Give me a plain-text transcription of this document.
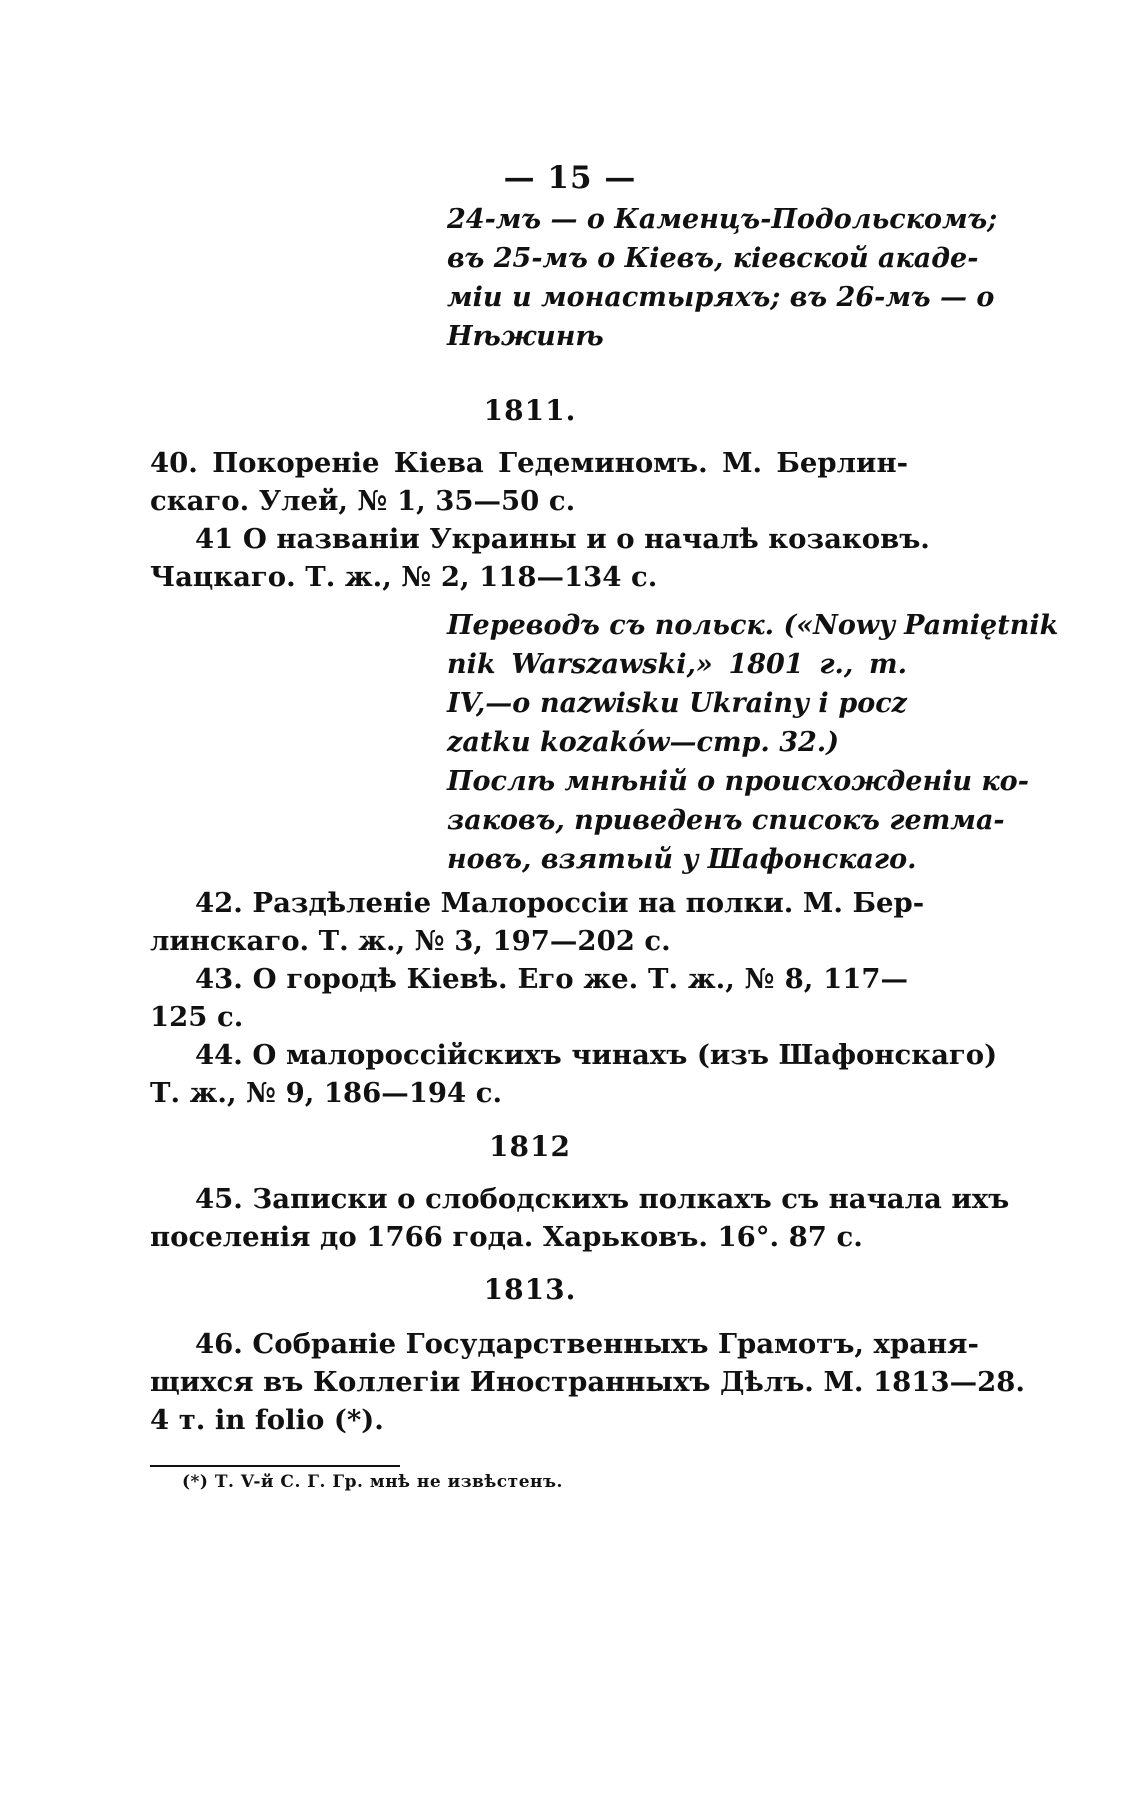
— 15 —
24-мъ — о Каменцъ-Подольскомъ;
въ 25-мъ о Кiевъ, кiевской акаде-
мiи и монастыряхъ; въ 26-мъ — о
Нѣжинѣ
1811.
40. Покоренiе Кiева Гедеминомъ. М. Берлин-
скаго. Улей, № 1, 35—50 с.
41 О названiи Украины и о началѣ козаковъ.
Чацкаго. Т. ж., № 2, 118—134 с.
Переводъ съ польск. («Nowy Pamiętnik
nik Warszawski,» 1801 г., т.
IV,—o nazwisku Ukrainy i pocz
zatku kozaków—стр. 32.)
Послѣ мнѣнiй о происхожденiи ко-
заковъ, приведенъ списокъ гетма-
новъ, взятый у Шафонскаго.
42. Раздѣленiе Малороссiи на полки. М. Бер-
линскаго. Т. ж., № 3, 197—202 с.
43. О городѣ Кiевѣ. Его же. Т. ж., № 8, 117—
125 с.
44. О малороссiйскихъ чинахъ (изъ Шафонскаго)
Т. ж., № 9, 186—194 с.
1812
45. Записки о слободскихъ полкахъ съ начала ихъ
поселенiя до 1766 года. Харьковъ. 16°. 87 с.
1813.
46. Собранiе Государственныхъ Грамотъ, храня-
щихся въ Коллегiи Иностранныхъ Дѣлъ. М. 1813—28.
4 т. in folio (*).
(*) Т. V-й С. Г. Гр. мнѣ не извѣстенъ.
